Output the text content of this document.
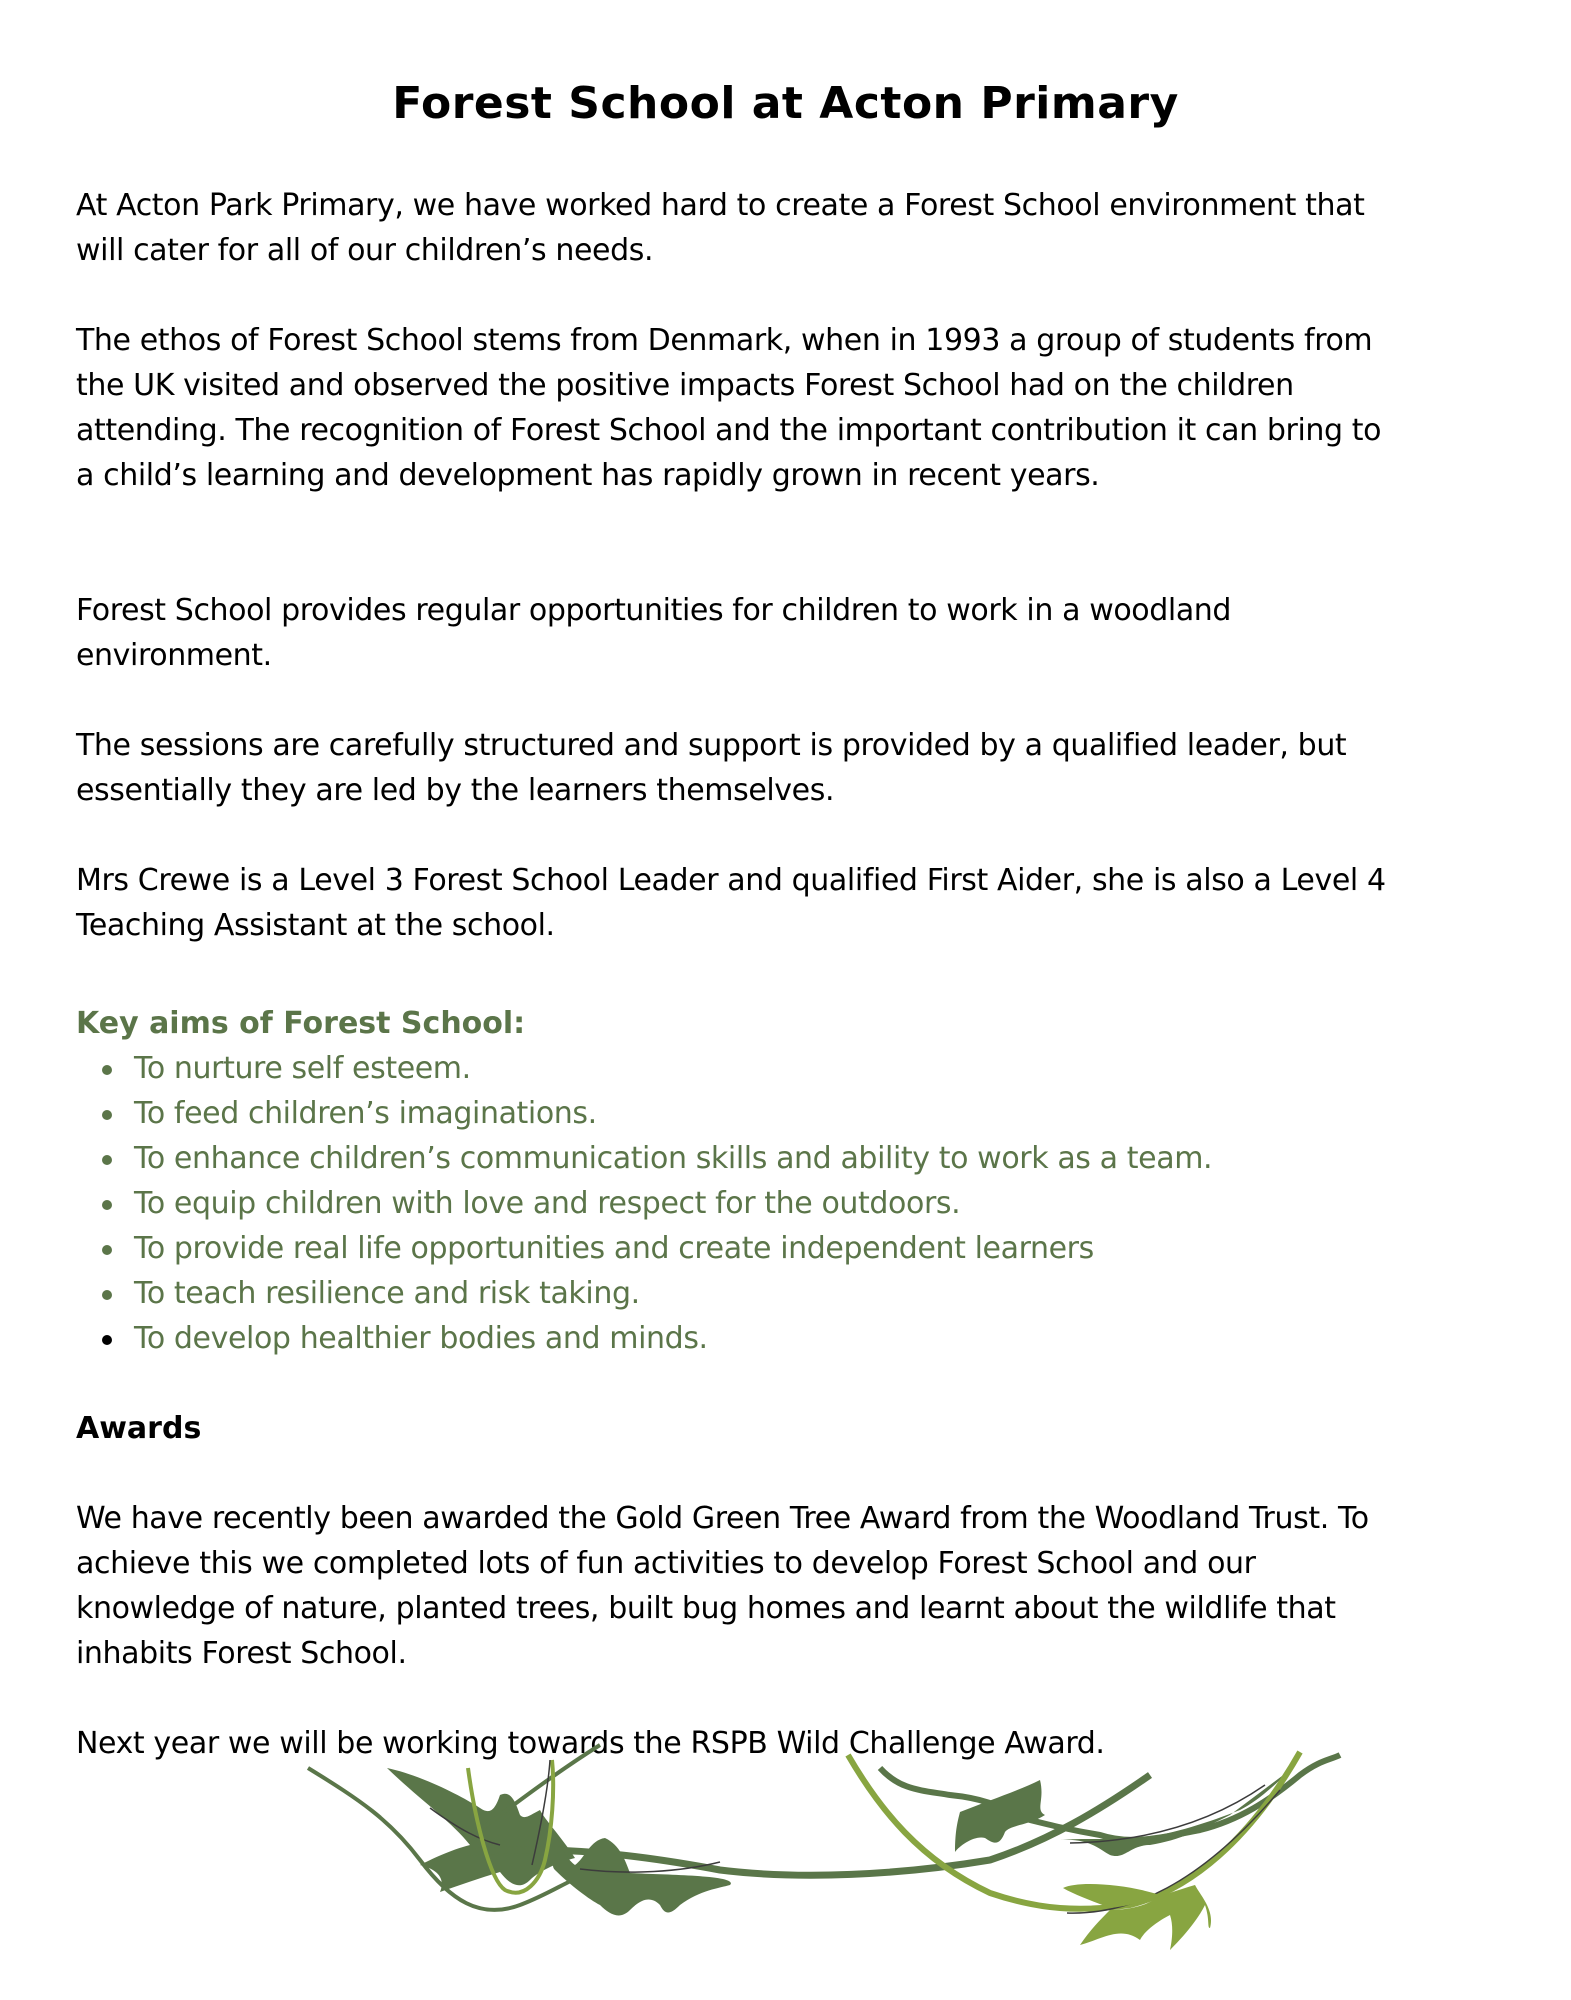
Forest School at Acton Primary

At Acton Park Primary, we have worked hard to create a Forest School environment that

will cater for all of our children’s needs.

The ethos of Forest School stems from Denmark, when in 1993 a group of students from

the UK visited and observed the positive impacts Forest School had on the children

attending. The recognition of Forest School and the important contribution it can bring to

a child’s learning and development has rapidly grown in recent years.

Forest School provides regular opportunities for children to work in a woodland

environment.

The sessions are carefully structured and support is provided by a qualified leader, but

essentially they are led by the learners themselves.

Mrs Crewe is a Level 3 Forest School Leader and qualified First Aider, she is also a Level 4

Teaching Assistant at the school.

Key aims of Forest School:
To nurture self esteem.
To feed children’s imaginations.
To enhance children’s communication skills and ability to work as a team.
To equip children with love and respect for the outdoors.
To provide real life opportunities and create independent learners
To teach resilience and risk taking.
To develop healthier bodies and minds.
Awards

We have recently been awarded the Gold Green Tree Award from the Woodland Trust. To

achieve this we completed lots of fun activities to develop Forest School and our

knowledge of nature, planted trees, built bug homes and learnt about the wildlife that

inhabits Forest School.

Next year we will be working towards the RSPB Wild Challenge Award.
